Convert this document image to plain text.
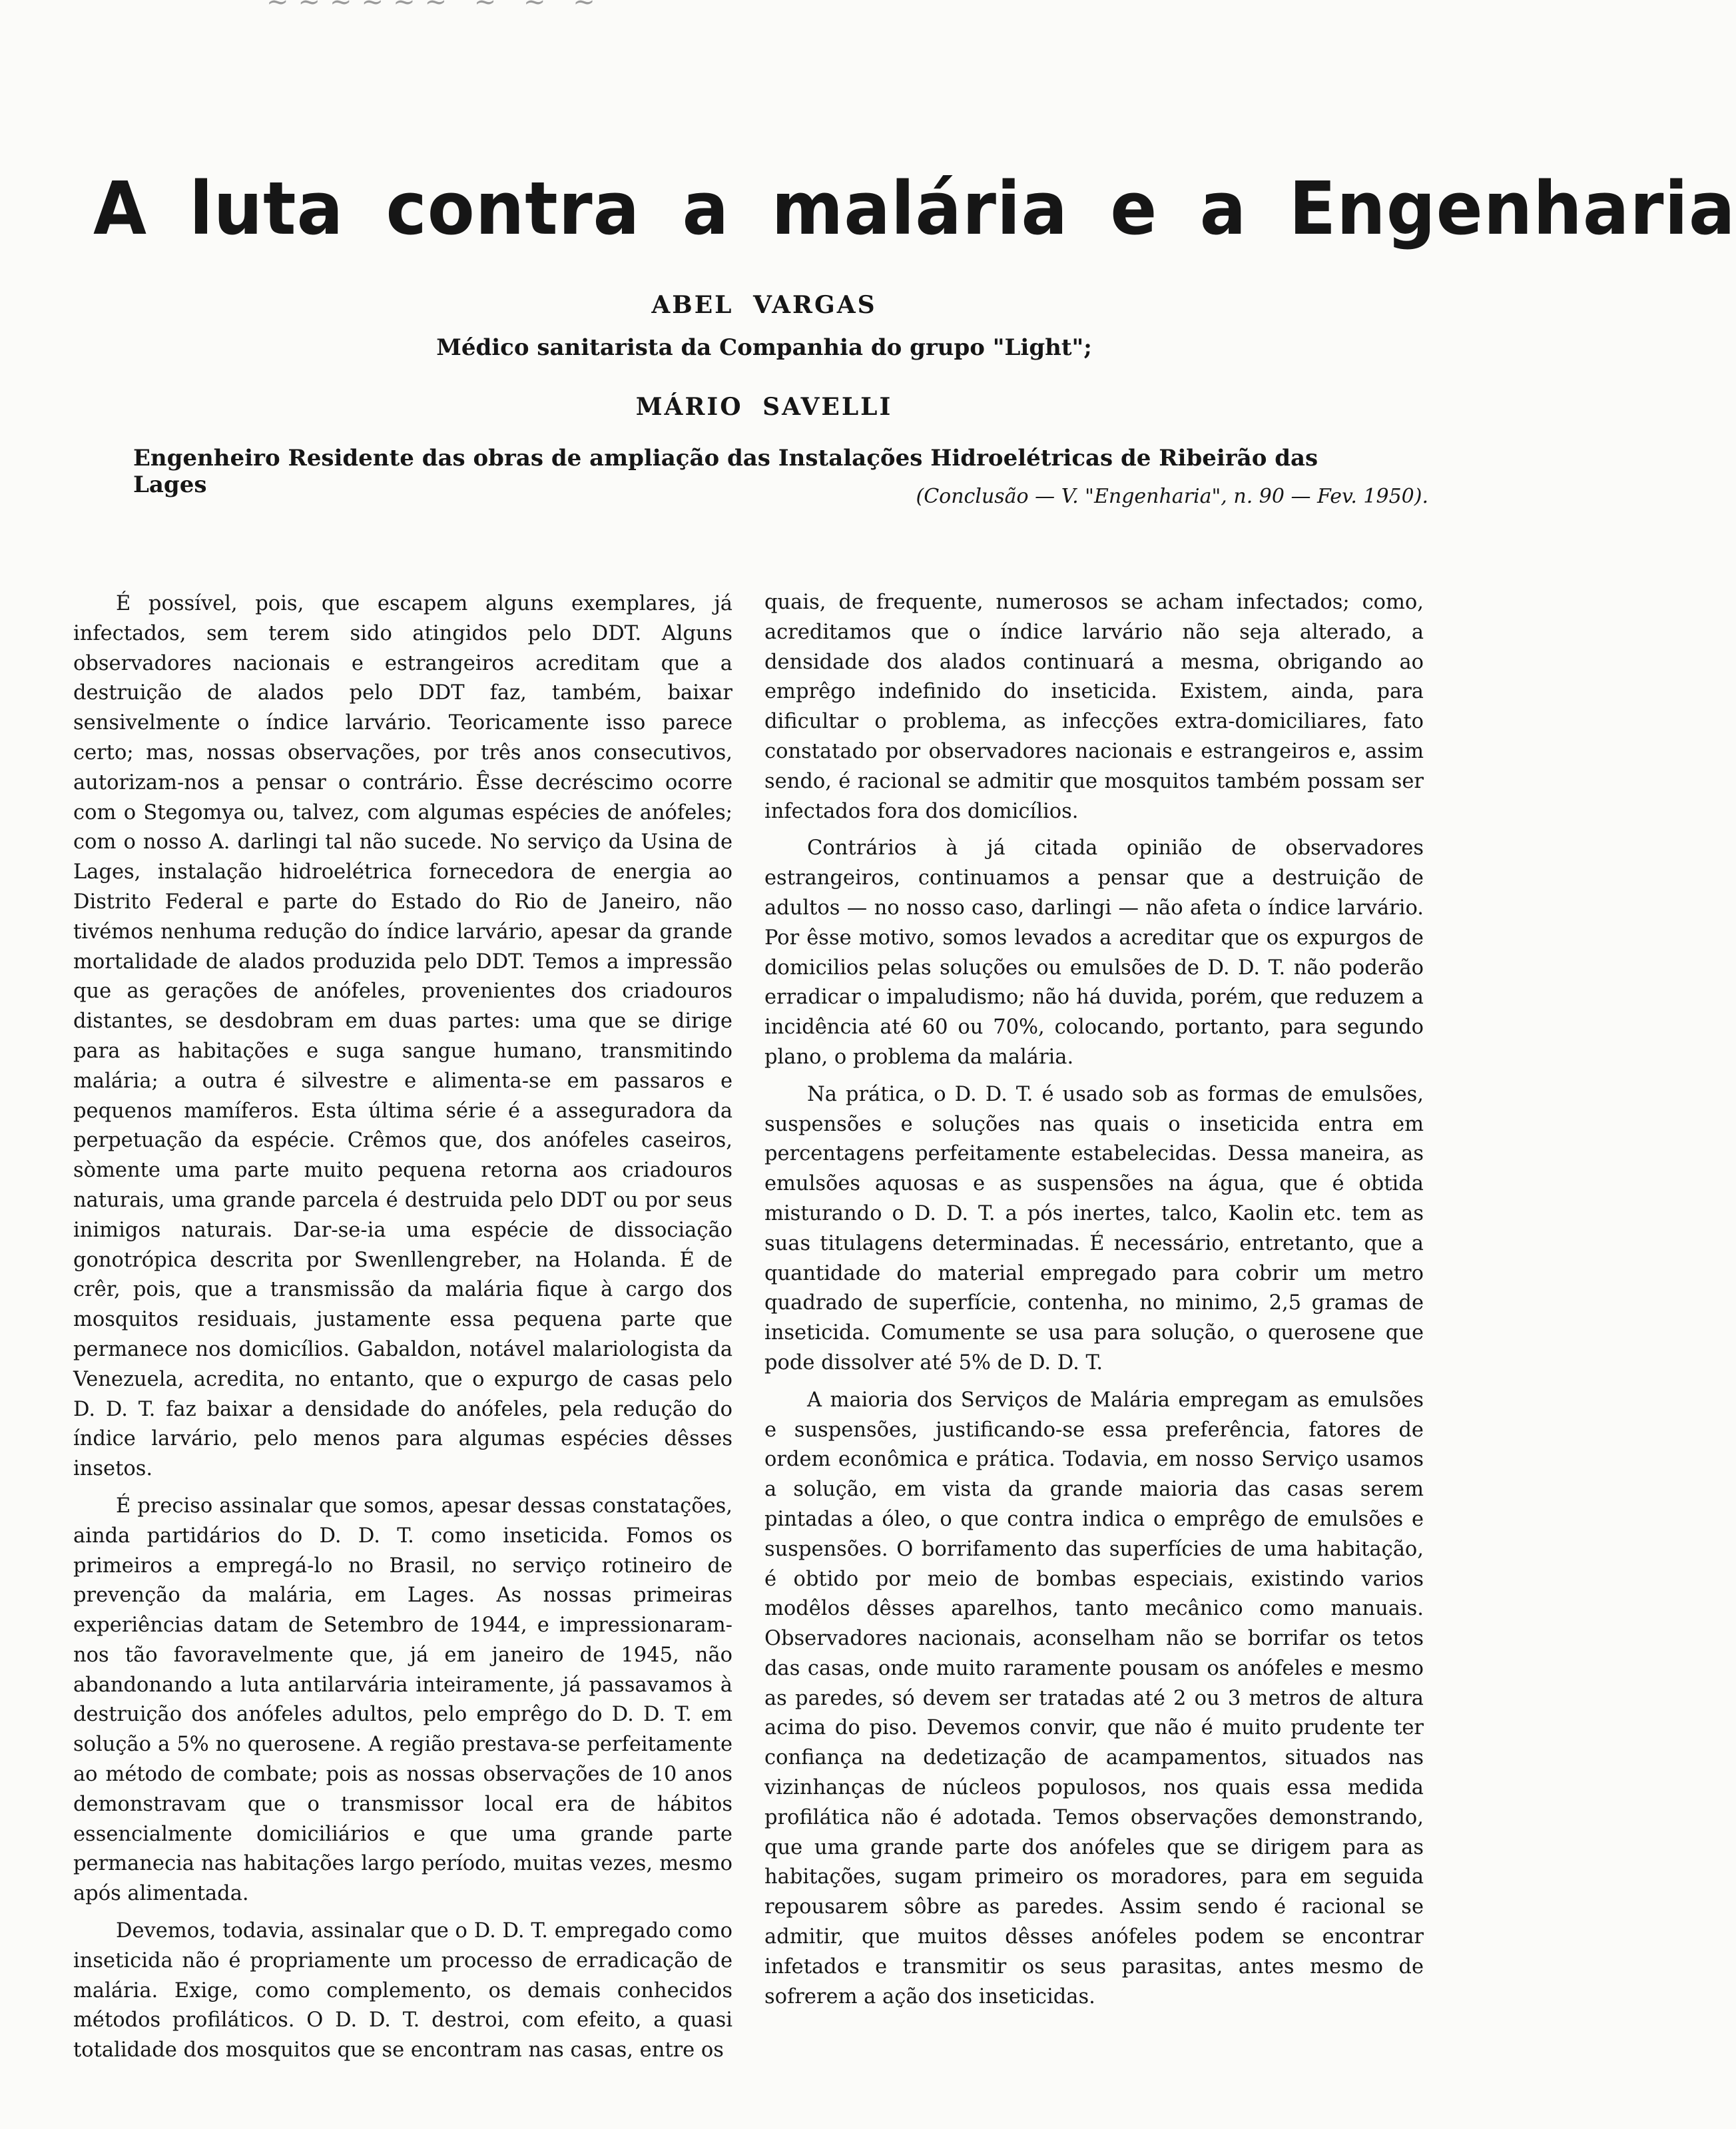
~~~~~~ ~ ~ ~
A luta contra a malária e a Engenharia

ABEL VARGAS

Médico sanitarista da Companhia do grupo "Light";

MÁRIO SAVELLI

Engenheiro Residente das obras de ampliação das Instalações Hidroelétricas de Ribeirão das Lages	(Conclusão — V. "Engenharia", n. 90 — Fev. 1950).

É possível, pois, que escapem alguns exemplares, já infectados, sem terem sido atingidos pelo DDT. Alguns observadores nacionais e estrangeiros acreditam que a destruição de alados pelo DDT faz, também, baixar sensivelmente o índice larvário. Teoricamente isso parece certo; mas, nossas observações, por três anos consecutivos, autorizam-nos a pensar o contrário. Êsse decréscimo ocorre com o Stegomya ou, talvez, com algumas espécies de anófeles; com o nosso A. darlingi tal não sucede. No serviço da Usina de Lages, instalação hidroelétrica fornecedora de energia ao Distrito Federal e parte do Estado do Rio de Janeiro, não tivémos nenhuma redução do índice larvário, apesar da grande mortalidade de alados produzida pelo DDT. Temos a impressão que as gerações de anófeles, provenientes dos criadouros distantes, se desdobram em duas partes: uma que se dirige para as habitações e suga sangue humano, transmitindo malária; a outra é silvestre e alimenta-se em passaros e pequenos mamíferos. Esta última série é a asseguradora da perpetuação da espécie. Crêmos que, dos anófeles caseiros, sòmente uma parte muito pequena retorna aos criadouros naturais, uma grande parcela é destruida pelo DDT ou por seus inimigos naturais. Dar-se-ia uma espécie de dissociação gonotrópica descrita por Swenllengreber, na Holanda. É de crêr, pois, que a transmissão da malária fique à cargo dos mosquitos residuais, justamente essa pequena parte que permanece nos domicílios. Gabaldon, notável malariologista da Venezuela, acredita, no entanto, que o expurgo de casas pelo D. D. T. faz baixar a densidade do anófeles, pela redução do índice larvário, pelo menos para algumas espécies dêsses insetos.

É preciso assinalar que somos, apesar dessas constatações, ainda partidários do D. D. T. como inseticida. Fomos os primeiros a empregá-lo no Brasil, no serviço rotineiro de prevenção da malária, em Lages. As nossas primeiras experiências datam de Setembro de 1944, e impressionaram-nos tão favoravelmente que, já em janeiro de 1945, não abandonando a luta antilarvária inteiramente, já passavamos à destruição dos anófeles adultos, pelo emprêgo do D. D. T. em solução a 5% no querosene. A região prestava-se perfeitamente ao método de combate; pois as nossas observações de 10 anos demonstravam que o transmissor local era de hábitos essencialmente domiciliários e que uma grande parte permanecia nas habitações largo período, muitas vezes, mesmo após alimentada.

Devemos, todavia, assinalar que o D. D. T. empregado como inseticida não é propriamente um processo de erradicação de malária. Exige, como complemento, os demais conhecidos métodos profiláticos. O D. D. T. destroi, com efeito, a quasi totalidade dos mosquitos que se encontram nas casas, entre os

quais, de frequente, numerosos se acham infectados; como, acreditamos que o índice larvário não seja alterado, a densidade dos alados continuará a mesma, obrigando ao emprêgo indefinido do inseticida. Existem, ainda, para dificultar o problema, as infecções extra-domiciliares, fato constatado por observadores nacionais e estrangeiros e, assim sendo, é racional se admitir que mosquitos também possam ser infectados fora dos domicílios.

Contrários à já citada opinião de observadores estrangeiros, continuamos a pensar que a destruição de adultos — no nosso caso, darlingi — não afeta o índice larvário. Por êsse motivo, somos levados a acreditar que os expurgos de domicilios pelas soluções ou emulsões de D. D. T. não poderão erradicar o impaludismo; não há duvida, porém, que reduzem a incidência até 60 ou 70%, colocando, portanto, para segundo plano, o problema da malária.

Na prática, o D. D. T. é usado sob as formas de emulsões, suspensões e soluções nas quais o inseticida entra em percentagens perfeitamente estabelecidas. Dessa maneira, as emulsões aquosas e as suspensões na água, que é obtida misturando o D. D. T. a pós inertes, talco, Kaolin etc. tem as suas titulagens determinadas. É necessário, entretanto, que a quantidade do material empregado para cobrir um metro quadrado de superfície, contenha, no minimo, 2,5 gramas de inseticida. Comumente se usa para solução, o querosene que pode dissolver até 5% de D. D. T.

A maioria dos Serviços de Malária empregam as emulsões e suspensões, justificando-se essa preferência, fatores de ordem econômica e prática. Todavia, em nosso Serviço usamos a solução, em vista da grande maioria das casas serem pintadas a óleo, o que contra indica o emprêgo de emulsões e suspensões. O borrifamento das superfícies de uma habitação, é obtido por meio de bombas especiais, existindo varios modêlos dêsses aparelhos, tanto mecânico como manuais. Observadores nacionais, aconselham não se borrifar os tetos das casas, onde muito raramente pousam os anófeles e mesmo as paredes, só devem ser tratadas até 2 ou 3 metros de altura acima do piso. Devemos convir, que não é muito prudente ter confiança na dedetização de acampamentos, situados nas vizinhanças de núcleos populosos, nos quais essa medida profilática não é adotada. Temos observações demonstrando, que uma grande parte dos anófeles que se dirigem para as habitações, sugam primeiro os moradores, para em seguida repousarem sôbre as paredes. Assim sendo é racional se admitir, que muitos dêsses anófeles podem se encontrar infetados e transmitir os seus parasitas, antes mesmo de sofrerem a ação dos inseticidas.
